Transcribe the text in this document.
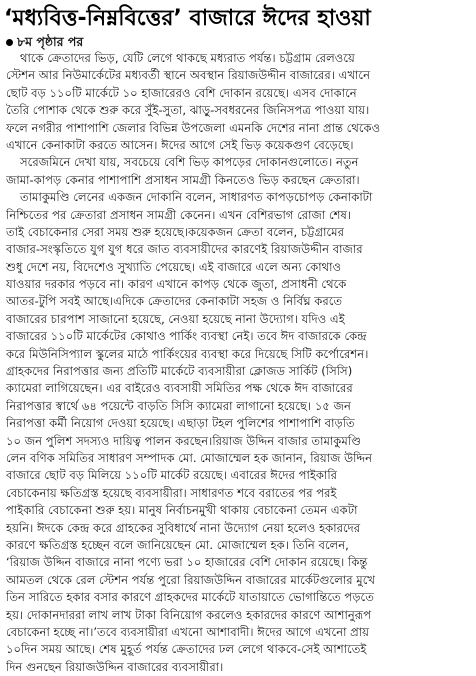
‘মধ্যবিত্ত-নিম্নবিত্তের’ বাজারে ঈদের হাওয়া
৮ম পৃষ্ঠার পর
থাকে ক্রেতাদের ভিড়, যেটি লেগে থাকছে মধ্যরাত পর্যন্ত। চট্টগ্রাম রেলওয়ে
স্টেশন আর নিউমার্কেটের মধ্যবর্তী স্থানে অবস্থান রিয়াজউদ্দীন বাজারের। এখানে
ছোট বড় ১১০টি মার্কেটে ১০ হাজারেরও বেশি দোকান রয়েছে। এসব দোকানে
তৈরি পোশাক থেকে শুরু করে সুঁই-সুতা, ঝাড়ু-সবধরনের জিনিসপত্র পাওয়া যায়।
ফলে নগরীর পাশাপাশি জেলার বিভিন্ন উপজেলা এমনকি দেশের নানা প্রান্ত থেকেও
এখানে কেনাকাটা করতে আসেন। ঈদের আগে সেই ভিড় কয়েকগুণ বেড়েছে।
সরেজমিনে দেখা যায়, সবচেয়ে বেশি ভিড় কাপড়ের দোকানগুলোতে। নতুন
জামা-কাপড় কেনার পাশাপাশি প্রসাধন সামগ্রী কিনতেও ভিড় করছেন ক্রেতারা।
তামাকুমণ্ডি লেনের একজন দোকানি বলেন, সাধারণত কাপড়চোপড় কেনাকাটা
নিশ্চিতের পর ক্রেতারা প্রসাধন সামগ্রী কেনেন। এখন বেশিরভাগ রোজা শেষ।
তাই বেচাকেনার সেরা সময় শুরু হয়েছে।কয়েকজন ক্রেতা বলেন, চট্টগ্রামের
বাজার-সংস্কৃতিতে যুগ যুগ ধরে জাত ব্যবসায়ীদের কারণেই রিয়াজউদ্দীন বাজার
শুধু দেশে নয়, বিদেশেও সুখ্যাতি পেয়েছে। এই বাজারে এলে অন্য কোথাও
যাওয়ার দরকার পড়বে না। কারণ এখানে কাপড় থেকে জুতা, প্রসাধনী থেকে
আতর-টুপি সবই আছে।এদিকে ক্রেতাদের কেনাকাটা সহজ ও নির্বিঘ্ন করতে
বাজারের চারপাশ সাজানো হয়েছে, নেওয়া হয়েছে নানা উদ্যোগ। যদিও এই
বাজারের ১১০টি মার্কেটের কোথাও পার্কিং ব্যবস্থা নেই। তবে ঈদ বাজারকে কেন্দ্র
করে মিউনিসিপ্যাল স্কুলের মাঠে পার্কিংয়ের ব্যবস্থা করে দিয়েছে সিটি কর্পোরেশন।
গ্রাহকদের নিরাপত্তার জন্য প্রতিটি মার্কেটে ব্যবসায়ীরা ক্লোজড সার্কিট (সিসি)
ক্যামেরা লাগিয়েছেন। এর বাইরেও ব্যবসায়ী সমিতির পক্ষ থেকে ঈদ বাজারের
নিরাপত্তার স্বার্থে ৬৪ পয়েন্টে বাড়তি সিসি ক্যামেরা লাগানো হয়েছে। ১৫ জন
নিরাপত্তা কর্মী নিয়োগ দেওয়া হয়েছে। এছাড়া টহল পুলিশের পাশাপাশি বাড়তি
১০ জন পুলিশ সদস্যও দায়িত্ব পালন করছেন।রিয়াজ উদ্দিন বাজার তামাকুমণ্ডি
লেন বণিক সমিতির সাধারণ সম্পাদক মো. মোজাম্মেল হক জানান, রিয়াজ উদ্দিন
বাজারে ছোট বড় মিলিয়ে ১১০টি মার্কেট রয়েছে। এবারের ঈদের পাইকারি
বেচাকেনায় ক্ষতিগ্রস্ত হয়েছে ব্যবসায়ীরা। সাধারণত শবে বরাতের পর পরই
পাইকারি বেচাকেনা শুরু হয়। মানুষ নির্বাচনমুখী থাকায় বেচাকেনা তেমন একটা
হয়নি। ঈদকে কেন্দ্র করে গ্রাহকের সুবিধার্থে নানা উদ্যোগ নেয়া হলেও হকারদের
কারণে ক্ষতিগ্রস্ত হচ্ছেন বলে জানিয়েছেন মো. মোজাম্মেল হক। তিনি বলেন,
‘রিয়াজ উদ্দিন বাজারে নানা পণ্যে ভরা ১০ হাজারের বেশি দোকান রয়েছে। কিন্তু
আমতল থেকে রেল স্টেশন পর্যন্ত পুরো রিয়াজউদ্দিন বাজারের মার্কেটগুলোর মুখে
তিন সারিতে হকার বসার কারণে গ্রাহকদের মার্কেটে যাতায়াতে ভোগান্তিতে পড়তে
হয়। দোকানদাররা লাখ লাখ টাকা বিনিয়োগ করলেও হকারদের কারণে আশানুরূপ
বেচাকেনা হচ্ছে না।’তবে ব্যবসায়ীরা এখনো আশাবাদী। ঈদের আগে এখনো প্রায়
১০দিন সময় আছে। শেষ মুহূর্ত পর্যন্ত ক্রেতাদের ঢল লেগে থাকবে-সেই আশাতেই
দিন গুনছেন রিয়াজউদ্দিন বাজারের ব্যবসায়ীরা।
